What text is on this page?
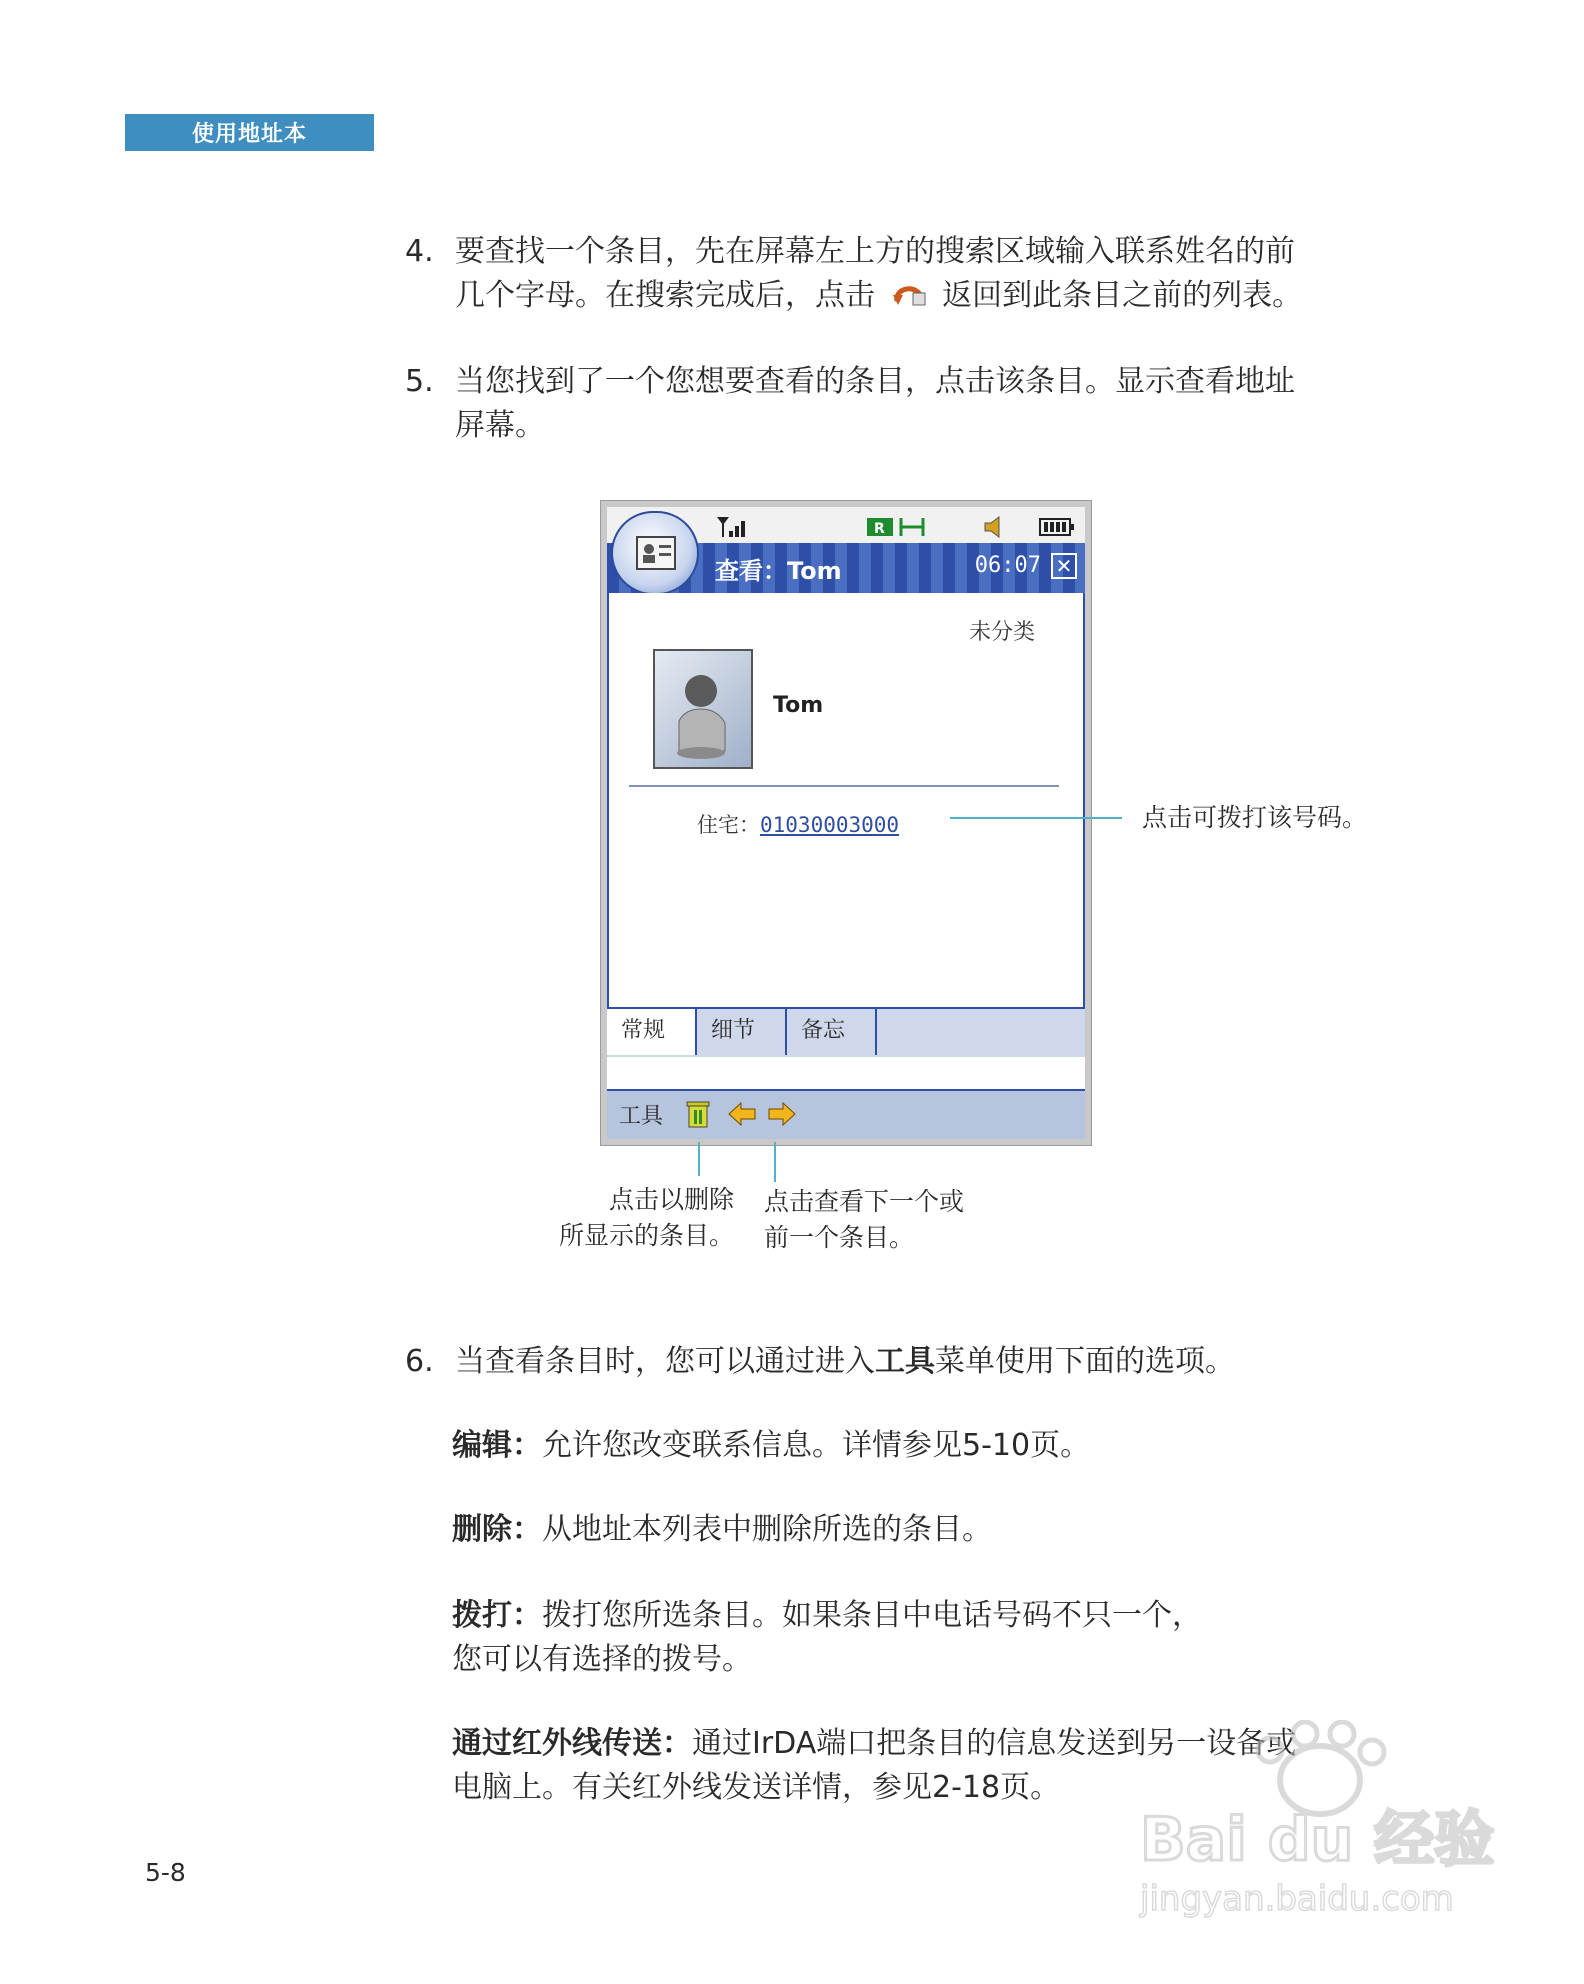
使用地址本
4. 要查找一个条目，先在屏幕左上方的搜索区域输入联系姓名的前
几个字母。在搜索完成后，点击 返回到此条目之前的列表。
5. 当您找到了一个您想要查看的条目，点击该条目。显示查看地址
屏幕。
R
查看：Tom	06:07 ✕
未分类
Tom
住宅：01030003000
常规	细节	备忘
工具
点击可拨打该号码。
点击以删除
所显示的条目。
点击查看下一个或
前一个条目。
6. 当查看条目时，您可以通过进入工具菜单使用下面的选项。
编辑：允许您改变联系信息。详情参见5-10页。
删除：从地址本列表中删除所选的条目。
拨打：拨打您所选条目。如果条目中电话号码不只一个，
您可以有选择的拨号。
通过红外线传送：通过IrDA端口把条目的信息发送到另一设备或
电脑上。有关红外线发送详情，参见2-18页。
5-8	Bai du 经验
jingyan.baidu.com
